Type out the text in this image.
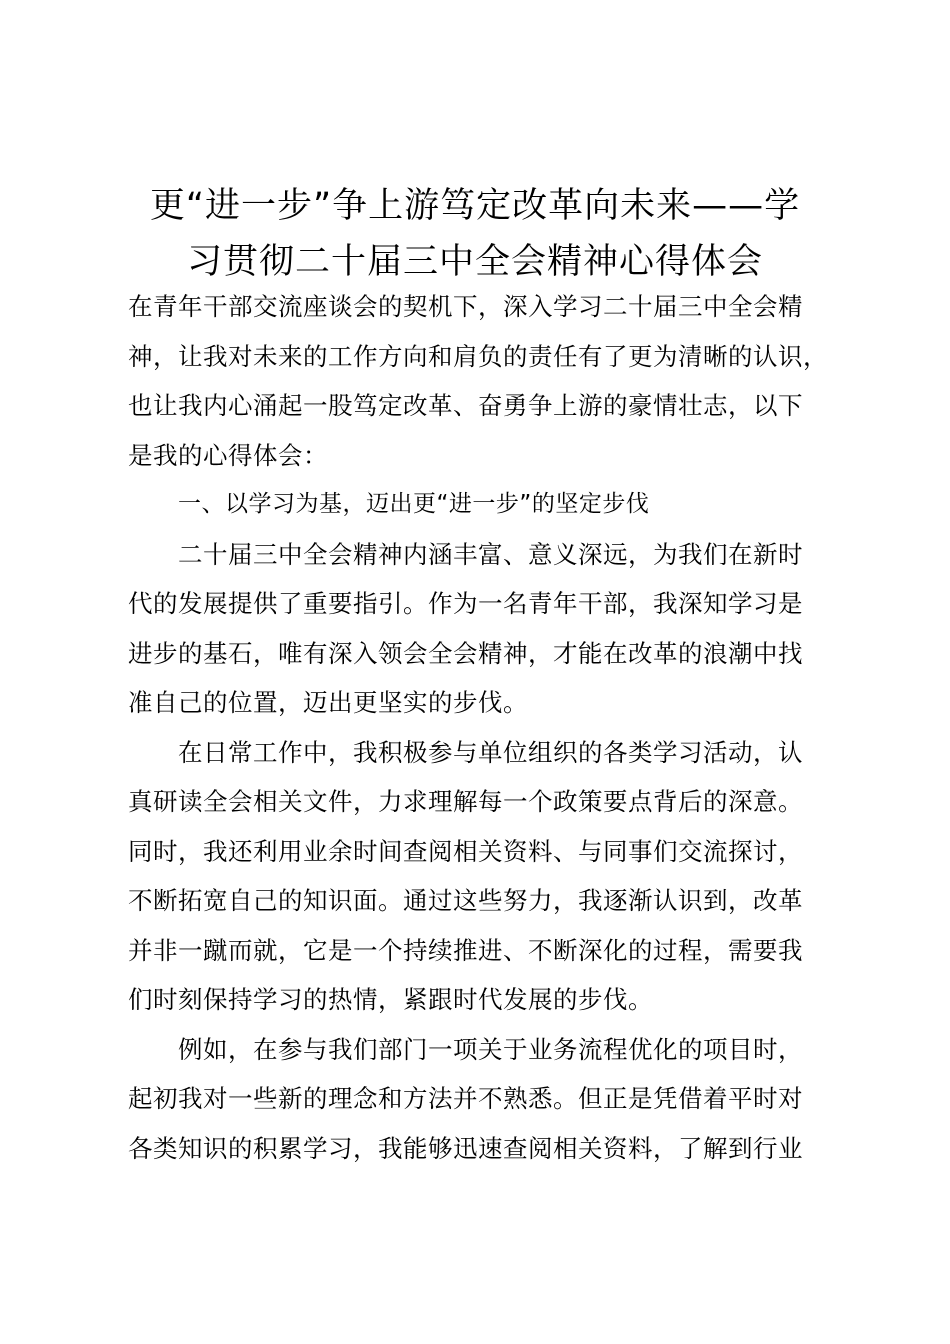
更“进一步”争上游笃定改革向未来——学
习贯彻二十届三中全会精神心得体会
在青年干部交流座谈会的契机下，深入学习二十届三中全会精
神，让我对未来的工作方向和肩负的责任有了更为清晰的认识，
也让我内心涌起一股笃定改革、奋勇争上游的豪情壮志，以下
是我的心得体会：
一、以学习为基，迈出更“进一步”的坚定步伐
二十届三中全会精神内涵丰富、意义深远，为我们在新时
代的发展提供了重要指引。作为一名青年干部，我深知学习是
进步的基石，唯有深入领会全会精神，才能在改革的浪潮中找
准自己的位置，迈出更坚实的步伐。
在日常工作中，我积极参与单位组织的各类学习活动，认
真研读全会相关文件，力求理解每一个政策要点背后的深意。
同时，我还利用业余时间查阅相关资料、与同事们交流探讨，
不断拓宽自己的知识面。通过这些努力，我逐渐认识到，改革
并非一蹴而就，它是一个持续推进、不断深化的过程，需要我
们时刻保持学习的热情，紧跟时代发展的步伐。
例如，在参与我们部门一项关于业务流程优化的项目时，
起初我对一些新的理念和方法并不熟悉。但正是凭借着平时对
各类知识的积累学习，我能够迅速查阅相关资料，了解到行业
